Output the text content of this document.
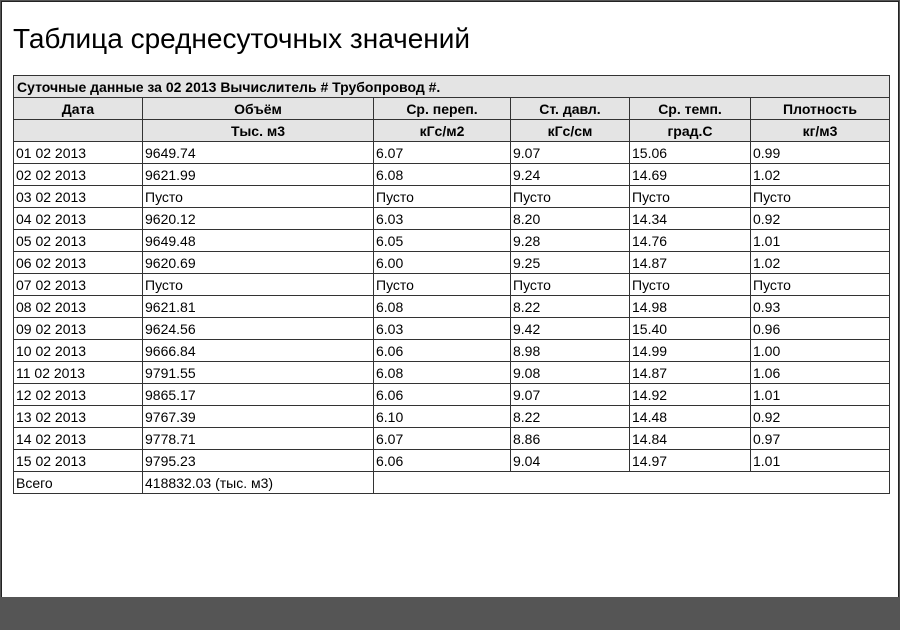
Таблица среднесуточных значений
Суточные данные за 02 2013 Вычислитель # Трубопровод #.					
Дата	Объём	Ср. переп.	Ст. давл.	Ср. темп.	Плотность
	Тыс. м3	кГс/м2	кГс/см	град.С	кг/м3
01 02 2013	9649.74	6.07	9.07	15.06	0.99
02 02 2013	9621.99	6.08	9.24	14.69	1.02
03 02 2013	Пусто	Пусто	Пусто	Пусто	Пусто
04 02 2013	9620.12	6.03	8.20	14.34	0.92
05 02 2013	9649.48	6.05	9.28	14.76	1.01
06 02 2013	9620.69	6.00	9.25	14.87	1.02
07 02 2013	Пусто	Пусто	Пусто	Пусто	Пусто
08 02 2013	9621.81	6.08	8.22	14.98	0.93
09 02 2013	9624.56	6.03	9.42	15.40	0.96
10 02 2013	9666.84	6.06	8.98	14.99	1.00
11 02 2013	9791.55	6.08	9.08	14.87	1.06
12 02 2013	9865.17	6.06	9.07	14.92	1.01
13 02 2013	9767.39	6.10	8.22	14.48	0.92
14 02 2013	9778.71	6.07	8.86	14.84	0.97
15 02 2013	9795.23	6.06	9.04	14.97	1.01
Всего	418832.03 (тыс. м3)				
